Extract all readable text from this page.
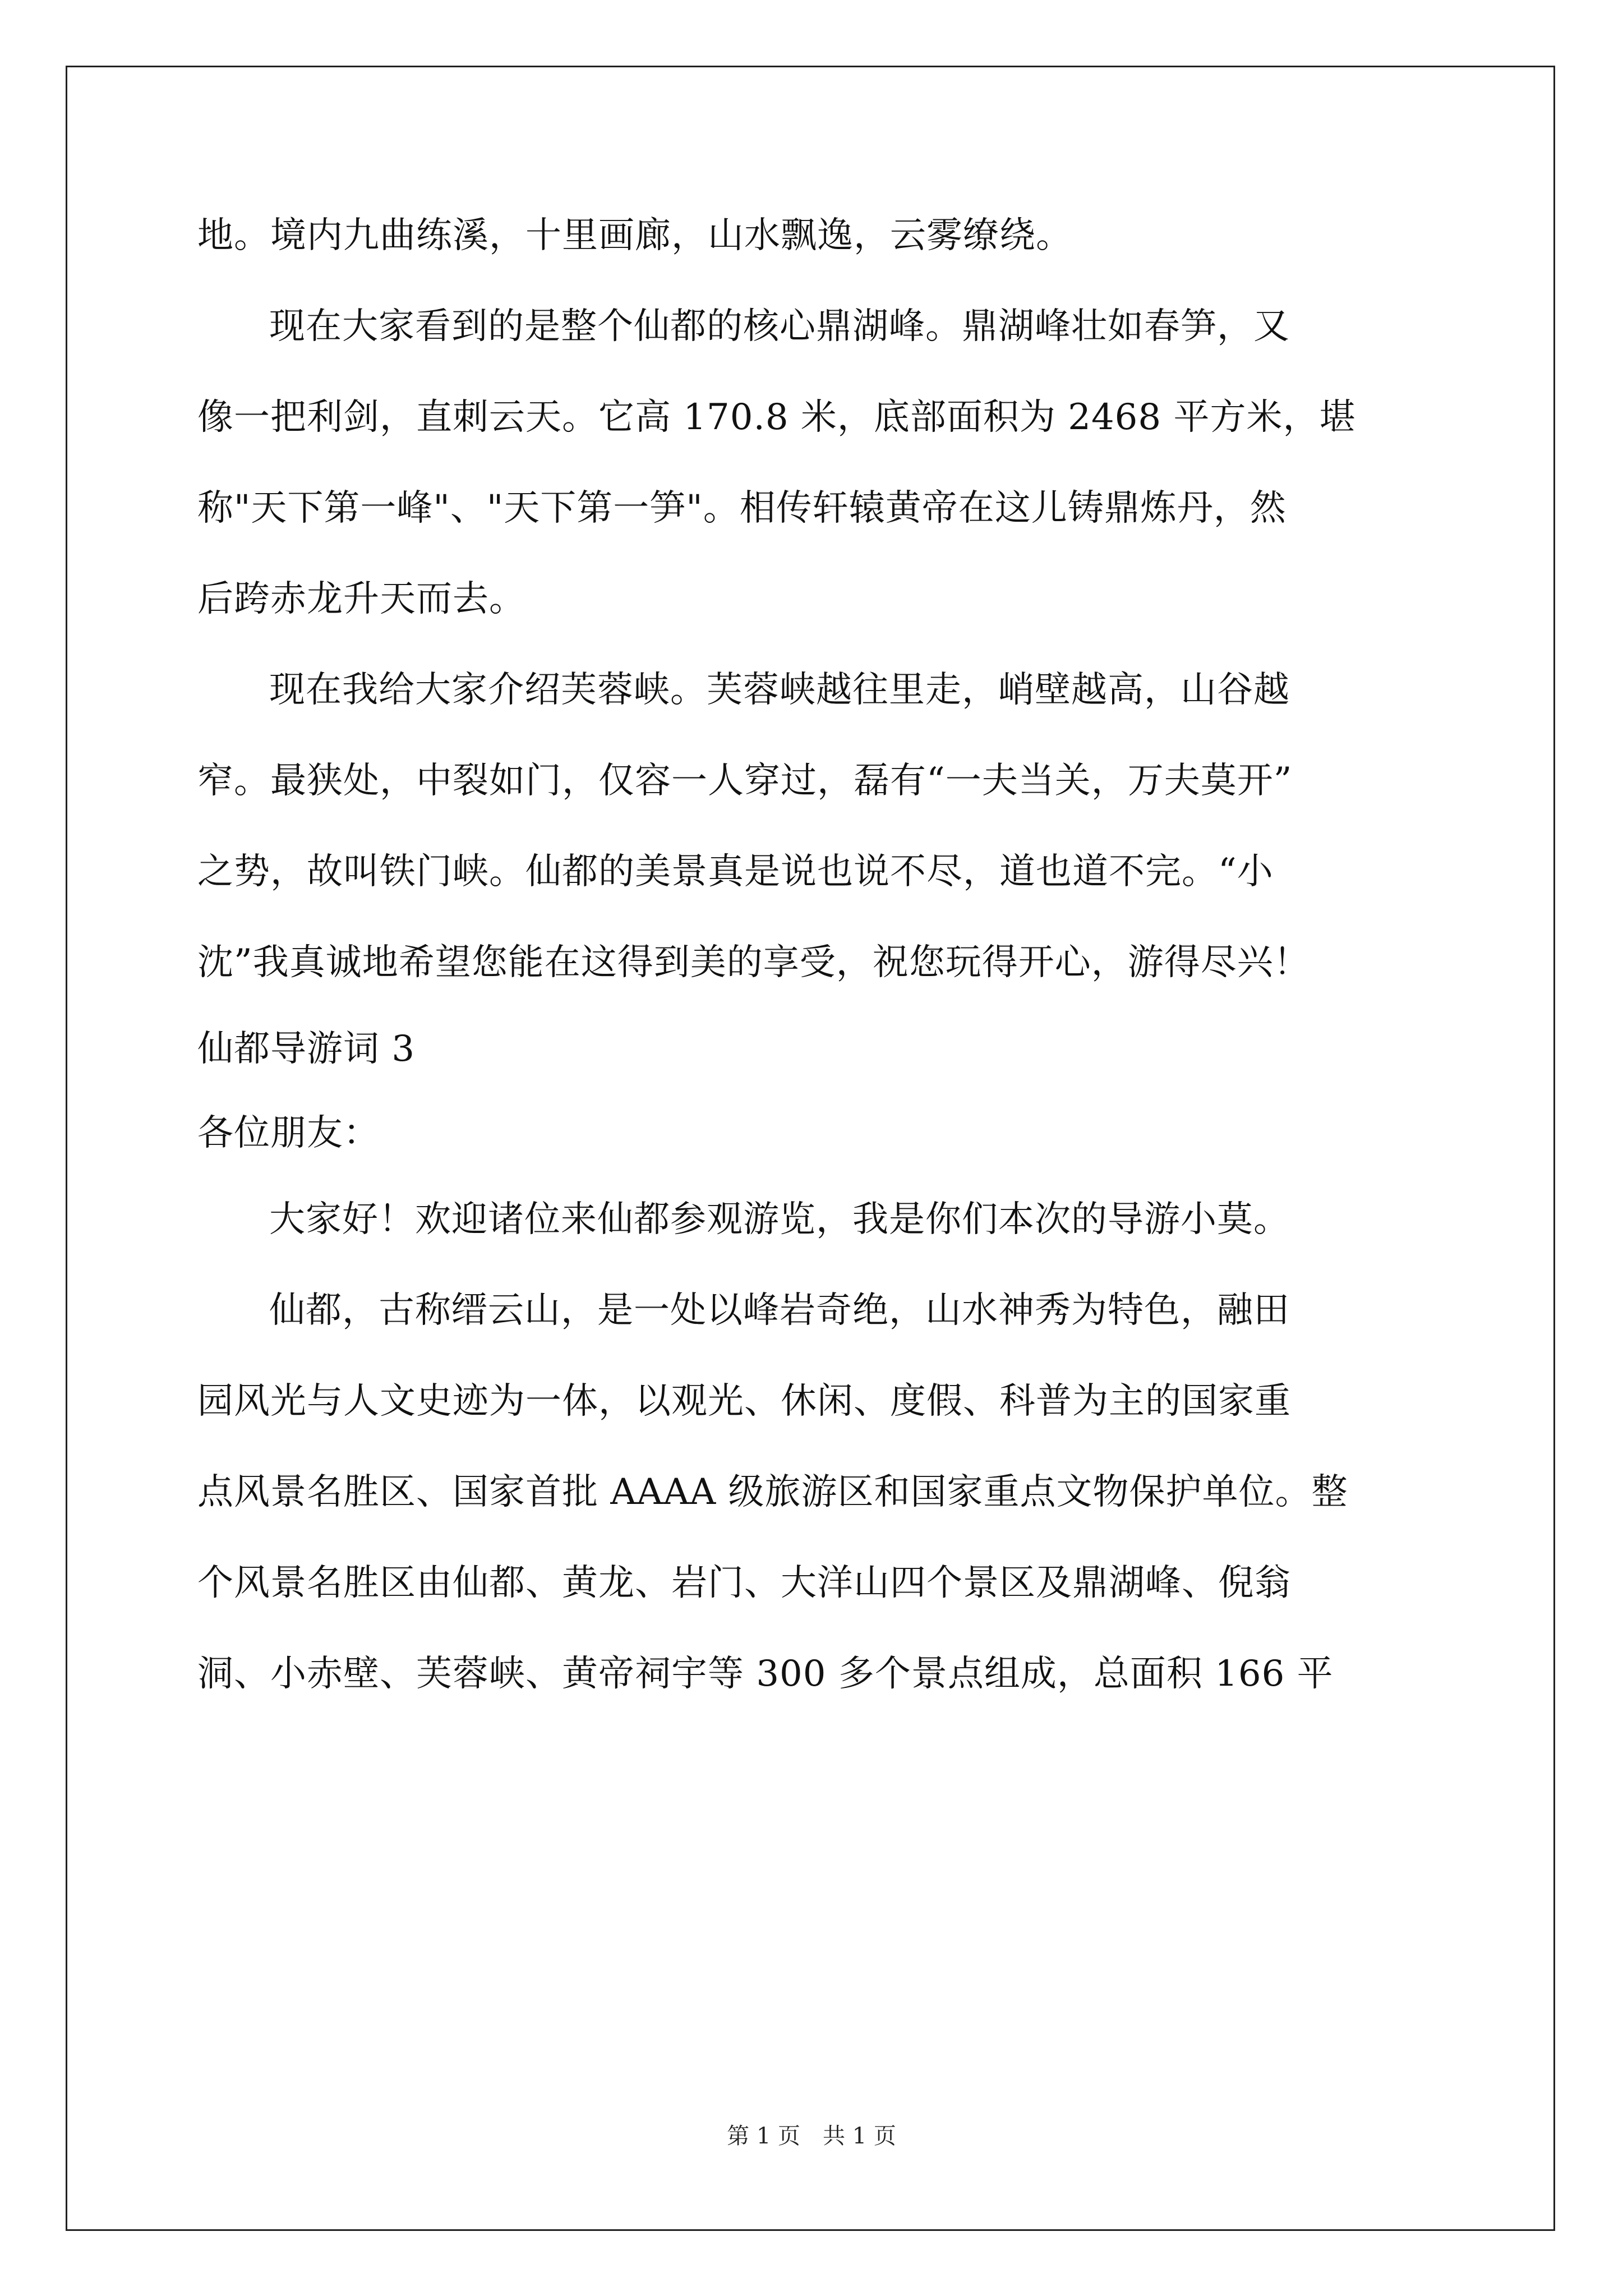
地。境内九曲练溪，十里画廊，山水飘逸，云雾缭绕。

现在大家看到的是整个仙都的核心鼎湖峰。鼎湖峰壮如春笋，又

像一把利剑，直刺云天。它高 170.8 米，底部面积为 2468 平方米，堪

称"天下第一峰"、"天下第一笋"。相传轩辕黄帝在这儿铸鼎炼丹，然

后跨赤龙升天而去。

现在我给大家介绍芙蓉峡。芙蓉峡越往里走，峭壁越高，山谷越

窄。最狭处，中裂如门，仅容一人穿过，磊有“一夫当关，万夫莫开”

之势，故叫铁门峡。仙都的美景真是说也说不尽，道也道不完。“小

沈”我真诚地希望您能在这得到美的享受，祝您玩得开心，游得尽兴！

仙都导游词 3

各位朋友：

大家好！欢迎诸位来仙都参观游览，我是你们本次的导游小莫。

仙都，古称缙云山，是一处以峰岩奇绝，山水神秀为特色，融田

园风光与人文史迹为一体，以观光、休闲、度假、科普为主的国家重

点风景名胜区、国家首批 AAAA 级旅游区和国家重点文物保护单位。整

个风景名胜区由仙都、黄龙、岩门、大洋山四个景区及鼎湖峰、倪翁

洞、小赤壁、芙蓉峡、黄帝祠宇等 300 多个景点组成，总面积 166 平

第 1 页　共 1 页
